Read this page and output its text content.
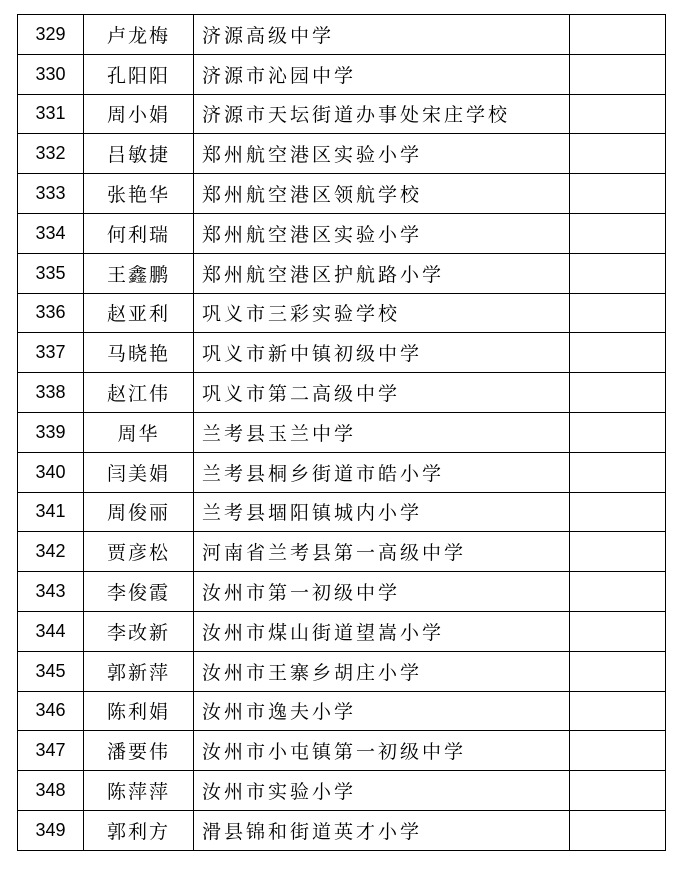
329	卢龙梅	济源高级中学	
330	孔阳阳	济源市沁园中学	
331	周小娟	济源市天坛街道办事处宋庄学校	
332	吕敏捷	郑州航空港区实验小学	
333	张艳华	郑州航空港区领航学校	
334	何利瑞	郑州航空港区实验小学	
335	王鑫鹏	郑州航空港区护航路小学	
336	赵亚利	巩义市三彩实验学校	
337	马晓艳	巩义市新中镇初级中学	
338	赵江伟	巩义市第二高级中学	
339	周华	兰考县玉兰中学	
340	闫美娟	兰考县桐乡街道市皓小学	
341	周俊丽	兰考县堌阳镇城内小学	
342	贾彦松	河南省兰考县第一高级中学	
343	李俊霞	汝州市第一初级中学	
344	李改新	汝州市煤山街道望嵩小学	
345	郭新萍	汝州市王寨乡胡庄小学	
346	陈利娟	汝州市逸夫小学	
347	潘要伟	汝州市小屯镇第一初级中学	
348	陈萍萍	汝州市实验小学	
349	郭利方	滑县锦和街道英才小学	
